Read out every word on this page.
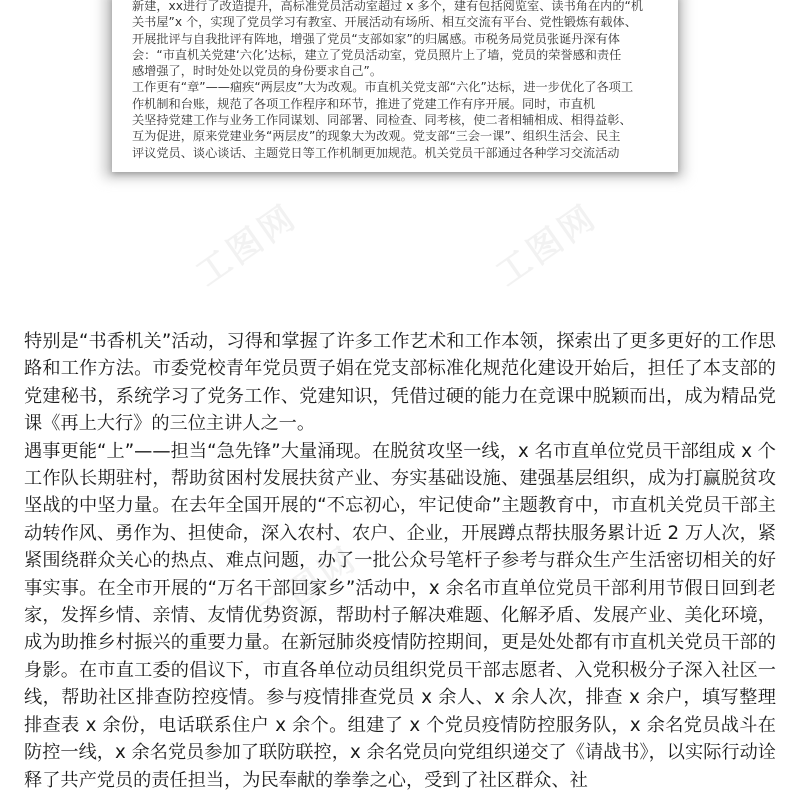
新建，xx进行了改造提升，高标准党员活动室超过 x 多个，建有包括阅览室、读书角在内的“机

关书屋”x 个，实现了党员学习有教室、开展活动有场所、相互交流有平台、党性锻炼有载体、

开展批评与自我批评有阵地，增强了党员“支部如家”的归属感。市税务局党员张诞丹深有体

会：“市直机关党建‘六化’达标，建立了党员活动室，党员照片上了墙，党员的荣誉感和责任

感增强了，时时处处以党员的身份要求自己”。

工作更有“章”——痼疾“两层皮”大为改观。市直机关党支部“六化”达标，进一步优化了各项工

作机制和台账，规范了各项工作程序和环节，推进了党建工作有序开展。同时，市直机

关坚持党建工作与业务工作同谋划、同部署、同检查、同考核，使二者相辅相成、相得益彰、

互为促进，原来党建业务“两层皮”的现象大为改观。党支部“三会一课”、组织生活会、民主

评议党员、谈心谈话、主题党日等工作机制更加规范。机关党员干部通过各种学习交流活动

工图网

特别是“书香机关”活动，习得和掌握了许多工作艺术和工作本领，探索出了更多更好的工作思路和工作方法。市委党校青年党员贾子娟在党支部标准化规范化建设开始后，担任了本支部的党建秘书，系统学习了党务工作、党建知识，凭借过硬的能力在竞课中脱颖而出，成为精品党课《再上大行》的三位主讲人之一。

遇事更能“上”——担当“急先锋”大量涌现。在脱贫攻坚一线，x 名市直单位党员干部组成 x 个工作队长期驻村，帮助贫困村发展扶贫产业、夯实基础设施、建强基层组织，成为打赢脱贫攻坚战的中坚力量。在去年全国开展的“不忘初心，牢记使命”主题教育中，市直机关党员干部主动转作风、勇作为、担使命，深入农村、农户、企业，开展蹲点帮扶服务累计近 2 万人次，紧紧围绕群众关心的热点、难点问题，办了一批公众号笔杆子参考与群众生产生活密切相关的好事实事。在全市开展的“万名干部回家乡”活动中，x 余名市直单位党员干部利用节假日回到老家，发挥乡情、亲情、友情优势资源，帮助村子解决难题、化解矛盾、发展产业、美化环境，成为助推乡村振兴的重要力量。在新冠肺炎疫情防控期间，更是处处都有市直机关党员干部的身影。在市直工委的倡议下，市直各单位动员组织党员干部志愿者、入党积极分子深入社区一线，帮助社区排查防控疫情。参与疫情排查党员 x 余人、x 余人次，排查 x 余户，填写整理排查表 x 余份，电话联系住户 x 余个。组建了 x 个党员疫情防控服务队，x 余名党员战斗在防控一线，x 余名党员参加了联防联控，x 余名党员向党组织递交了《请战书》，以实际行动诠释了共产党员的责任担当，为民奉献的拳拳之心，受到了社区群众、社
